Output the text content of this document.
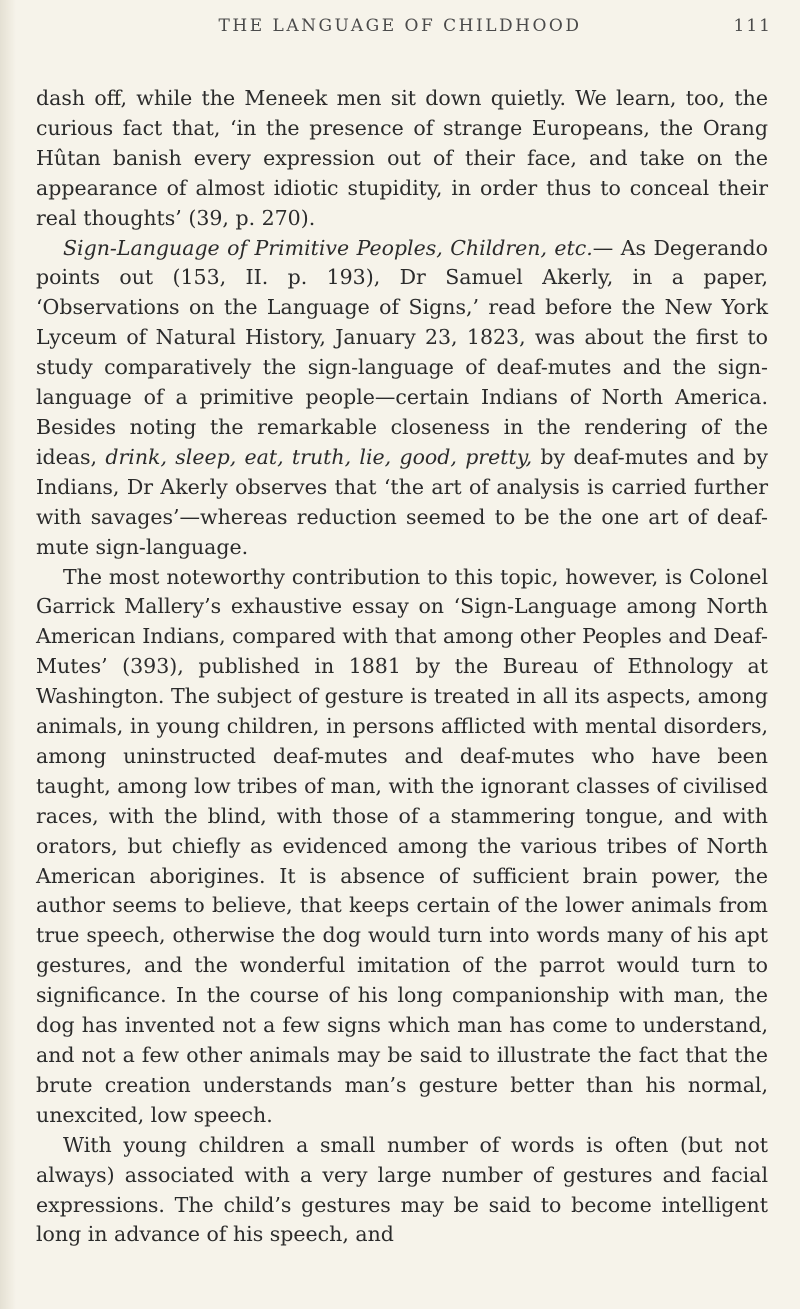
THE LANGUAGE OF CHILDHOOD	111

dash off, while the Meneek men sit down quietly. We learn, too, the curious fact that, ‘in the presence of strange Europeans, the Orang Hûtan banish every expression out of their face, and take on the appearance of almost idiotic stupidity, in order thus to conceal their real thoughts’ (39, p. 270).

Sign-Language of Primitive Peoples, Children, etc.— As Degerando points out (153, II. p. 193), Dr Samuel Akerly, in a paper, ‘Observations on the Language of Signs,’ read before the New York Lyceum of Natural History, January 23, 1823, was about the first to study comparatively the sign-language of deaf-mutes and the sign-language of a primitive people—certain Indians of North America. Besides noting the remarkable closeness in the rendering of the ideas, drink, sleep, eat, truth, lie, good, pretty, by deaf-mutes and by Indians, Dr Akerly observes that ‘the art of analysis is carried further with savages’—whereas reduction seemed to be the one art of deaf-mute sign-language.

The most noteworthy contribution to this topic, however, is Colonel Garrick Mallery’s exhaustive essay on ‘Sign-Language among North American Indians, compared with that among other Peoples and Deaf-Mutes’ (393), published in 1881 by the Bureau of Ethnology at Washington. The subject of gesture is treated in all its aspects, among animals, in young children, in persons afflicted with mental disorders, among uninstructed deaf-mutes and deaf-mutes who have been taught, among low tribes of man, with the ignorant classes of civilised races, with the blind, with those of a stammering tongue, and with orators, but chiefly as evidenced among the various tribes of North American aborigines. It is absence of sufficient brain power, the author seems to believe, that keeps certain of the lower animals from true speech, otherwise the dog would turn into words many of his apt gestures, and the wonderful imitation of the parrot would turn to significance. In the course of his long companionship with man, the dog has invented not a few signs which man has come to understand, and not a few other animals may be said to illustrate the fact that the brute creation understands man’s gesture better than his normal, unexcited, low speech.

With young children a small number of words is often (but not always) associated with a very large number of gestures and facial expressions. The child’s gestures may be said to become intelligent long in advance of his speech, and
